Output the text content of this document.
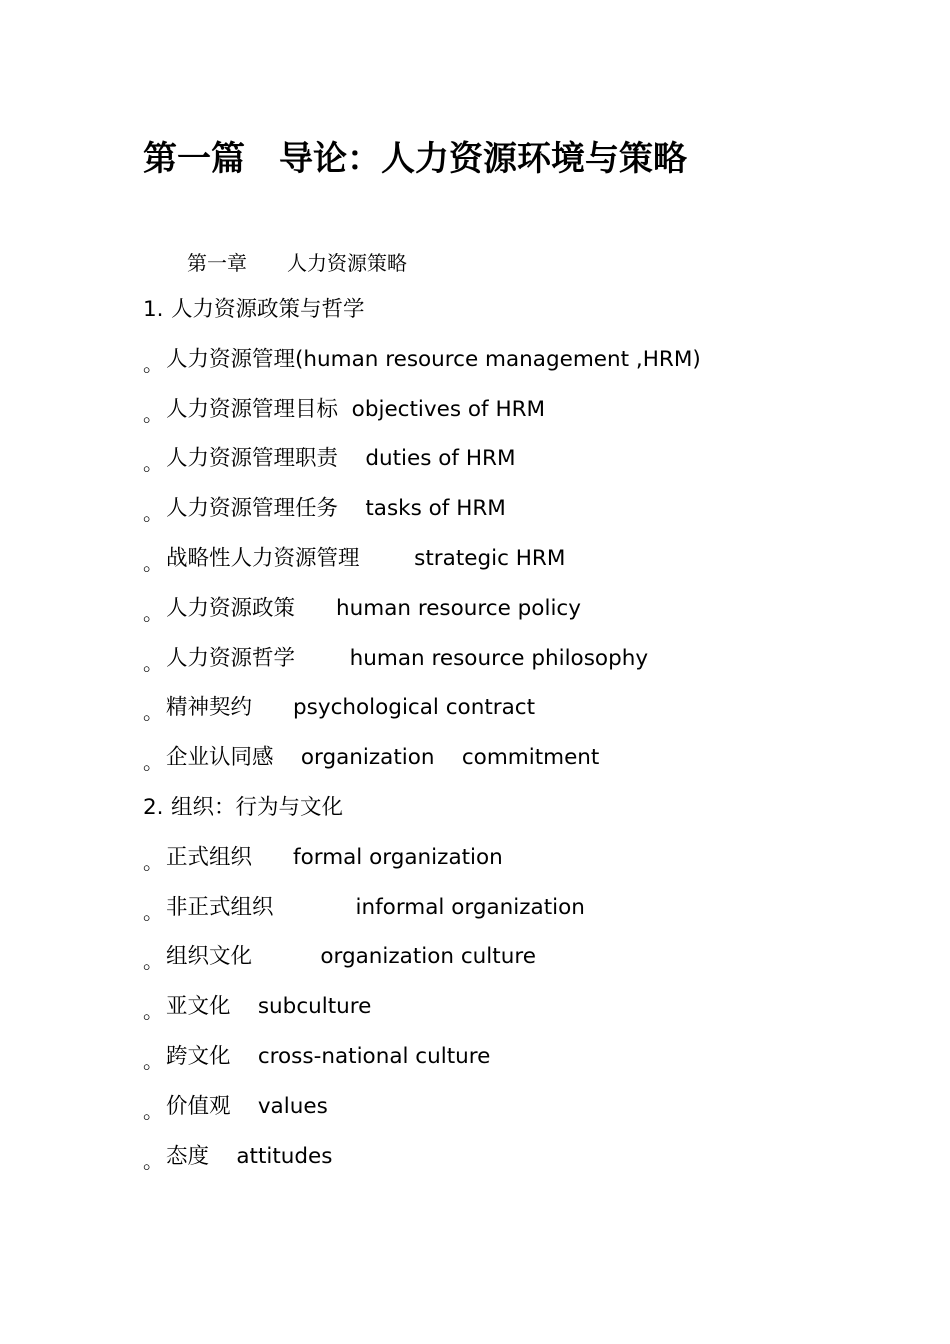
第一篇　导论：人力资源环境与策略
第一章　　人力资源策略
1. 人力资源政策与哲学
。 人力资源管理(human resource management ,HRM)
。 人力资源管理目标  objectives of HRM
。 人力资源管理职责    duties of HRM
。 人力资源管理任务    tasks of HRM
。 战略性人力资源管理        strategic HRM
。 人力资源政策      human resource policy
。 人力资源哲学        human resource philosophy
。 精神契约      psychological contract
。 企业认同感    organization    commitment
2. 组织：行为与文化
。 正式组织      formal organization
。 非正式组织            informal organization
。 组织文化          organization culture
。 亚文化    subculture
。 跨文化    cross-national culture
。 价值观    values
。 态度    attitudes
